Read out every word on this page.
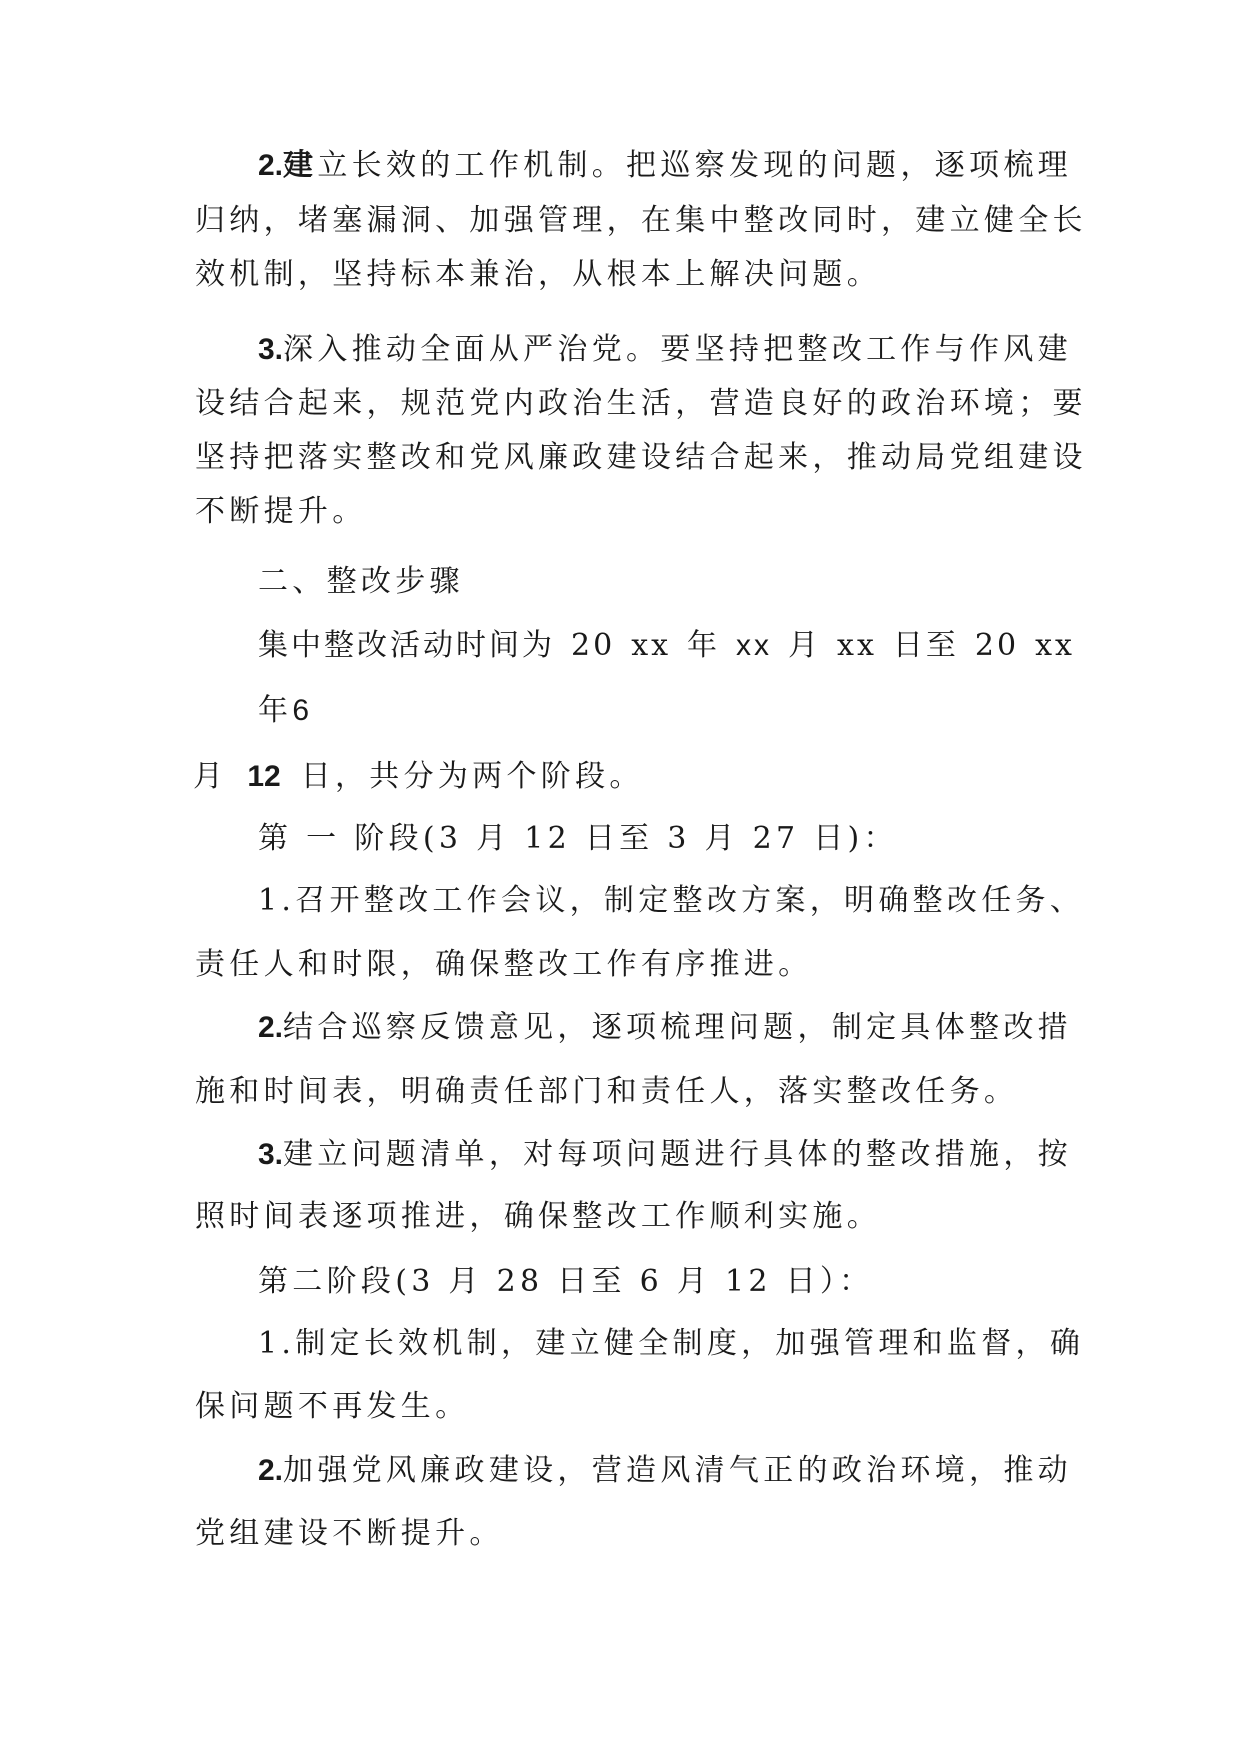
2.建立长效的工作机制。把巡察发现的问题，逐项梳理
归纳，堵塞漏洞、加强管理，在集中整改同时，建立健全长
效机制，坚持标本兼治，从根本上解决问题。
3.深入推动全面从严治党。要坚持把整改工作与作风建
设结合起来，规范党内政治生活，营造良好的政治环境；要
坚持把落实整改和党风廉政建设结合起来，推动局党组建设
不断提升。
二、整改步骤
集中整改活动时间为 20 xx 年 xx 月 xx 日至 20 xx
年6
月 12 日，共分为两个阶段。
第 一 阶段(3 月 12 日至 3 月 27 日)：
1.召开整改工作会议，制定整改方案，明确整改任务、
责任人和时限，确保整改工作有序推进。
2.结合巡察反馈意见，逐项梳理问题，制定具体整改措
施和时间表，明确责任部门和责任人，落实整改任务。
3.建立问题清单，对每项问题进行具体的整改措施，按
照时间表逐项推进，确保整改工作顺利实施。
第二阶段(3 月 28 日至 6 月 12 日）：
1.制定长效机制，建立健全制度，加强管理和监督，确
保问题不再发生。
2.加强党风廉政建设，营造风清气正的政治环境，推动
党组建设不断提升。
